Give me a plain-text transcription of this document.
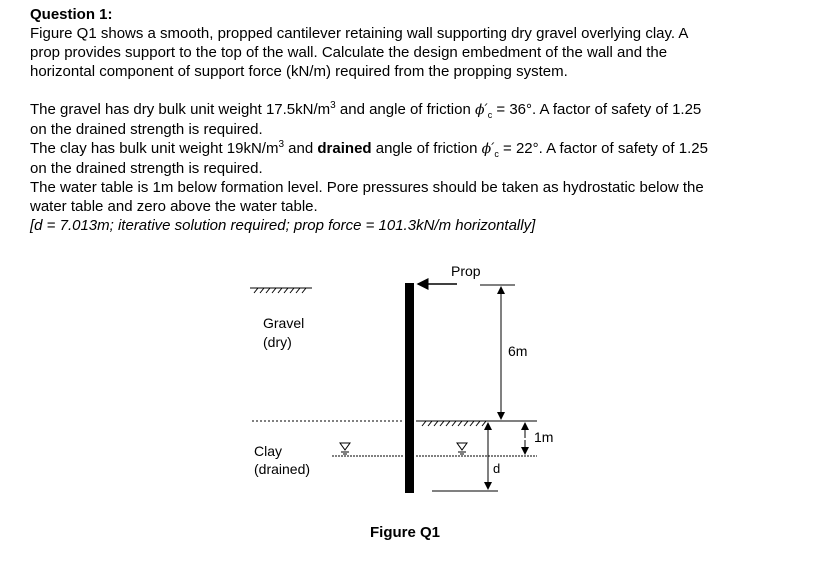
Question 1:
Figure Q1 shows a smooth, propped cantilever retaining wall supporting dry gravel overlying clay. A
prop provides support to the top of the wall. Calculate the design embedment of the wall and the
horizontal component of support force (kN/m) required from the propping system.
The gravel has dry bulk unit weight $17.5kN/m^3$ and angle of friction $\phi'_c = 36^\circ$. A factor of safety of 1.25
on the drained strength is required.
The clay has bulk unit weight $19kN/m^3$ and drained angle of friction $\phi'_c = 22^\circ$. A factor of safety of 1.25
on the drained strength is required.
The water table is 1m below formation level. Pore pressures should be taken as hydrostatic below the
water table and zero above the water table.
[d = 7.013m; iterative solution required; prop force = 101.3kN/m horizontally]
Prop
6m
1m
d
Gravel
(dry)
Clay
(drained)
Figure Q1
